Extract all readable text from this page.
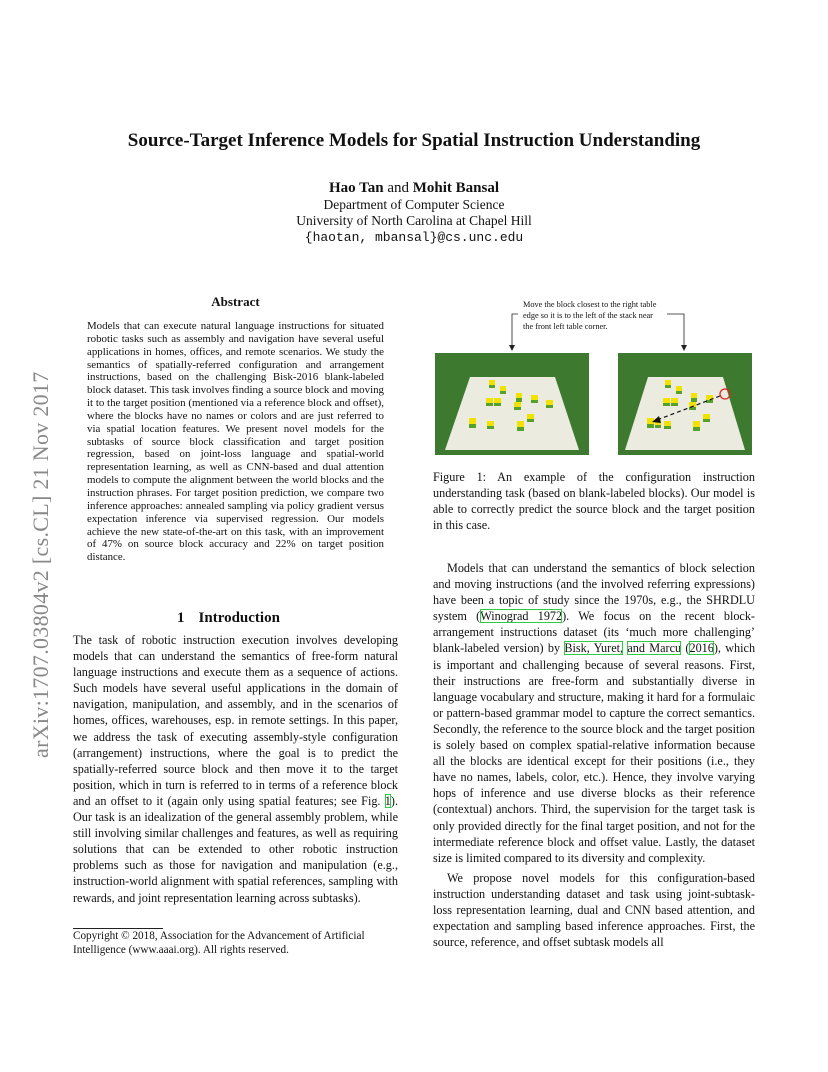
arXiv:1707.03804v2 [cs.CL] 21 Nov 2017
Source-Target Inference Models for Spatial Instruction Understanding
Hao Tan and Mohit Bansal
Department of Computer Science
University of North Carolina at Chapel Hill
{haotan, mbansal}@cs.unc.edu
Abstract
Models that can execute natural language instructions for situated robotic tasks such as assembly and navigation have several useful applications in homes, offices, and remote scenarios. We study the semantics of spatially-referred configuration and arrangement instructions, based on the challenging Bisk-2016 blank-labeled block dataset. This task involves finding a source block and moving it to the target position (mentioned via a reference block and offset), where the blocks have no names or colors and are just referred to via spatial location features. We present novel models for the subtasks of source block classification and target position regression, based on joint-loss language and spatial-world representation learning, as well as CNN-based and dual attention models to compute the alignment between the world blocks and the instruction phrases. For target position prediction, we compare two inference approaches: annealed sampling via policy gradient versus expectation inference via supervised regression. Our models achieve the new state-of-the-art on this task, with an improvement of 47% on source block accuracy and 22% on target position distance.
1 Introduction

The task of robotic instruction execution involves developing models that can understand the semantics of free-form natural language instructions and execute them as a sequence of actions. Such models have several useful applications in the domain of navigation, manipulation, and assembly, and in the scenarios of homes, offices, warehouses, esp. in remote settings. In this paper, we address the task of executing assembly-style configuration (arrangement) instructions, where the goal is to predict the spatially-referred source block and then move it to the target position, which in turn is referred to in terms of a reference block and an offset to it (again only using spatial features; see Fig. 1). Our task is an idealization of the general assembly problem, while still involving similar challenges and features, as well as requiring solutions that can be extended to other robotic instruction problems such as those for navigation and manipulation (e.g., instruction-world alignment with spatial references, sampling with rewards, and joint representation learning across subtasks).

Copyright © 2018, Association for the Advancement of Artificial Intelligence (www.aaai.org). All rights reserved.
Move the block closest to the right table
edge so it is to the left of the stack near
the front left table corner.
Figure 1: An example of the configuration instruction understanding task (based on blank-labeled blocks). Our model is able to correctly predict the source block and the target position in this case.

Models that can understand the semantics of block selection and moving instructions (and the involved referring expressions) have been a topic of study since the 1970s, e.g., the SHRDLU system (Winograd 1972). We focus on the recent block-arrangement instructions dataset (its ‘much more challenging’ blank-labeled version) by Bisk, Yuret, and Marcu (2016), which is important and challenging because of several reasons. First, their instructions are free-form and substantially diverse in language vocabulary and structure, making it hard for a formulaic or pattern-based grammar model to capture the correct semantics. Secondly, the reference to the source block and the target position is solely based on complex spatial-relative information because all the blocks are identical except for their positions (i.e., they have no names, labels, color, etc.). Hence, they involve varying hops of inference and use diverse blocks as their reference (contextual) anchors. Third, the supervision for the target task is only provided directly for the final target position, and not for the intermediate reference block and offset value. Lastly, the dataset size is limited compared to its diversity and complexity.

We propose novel models for this configuration-based instruction understanding dataset and task using joint-subtask-loss representation learning, dual and CNN based attention, and expectation and sampling based inference approaches. First, the source, reference, and offset subtask models all
